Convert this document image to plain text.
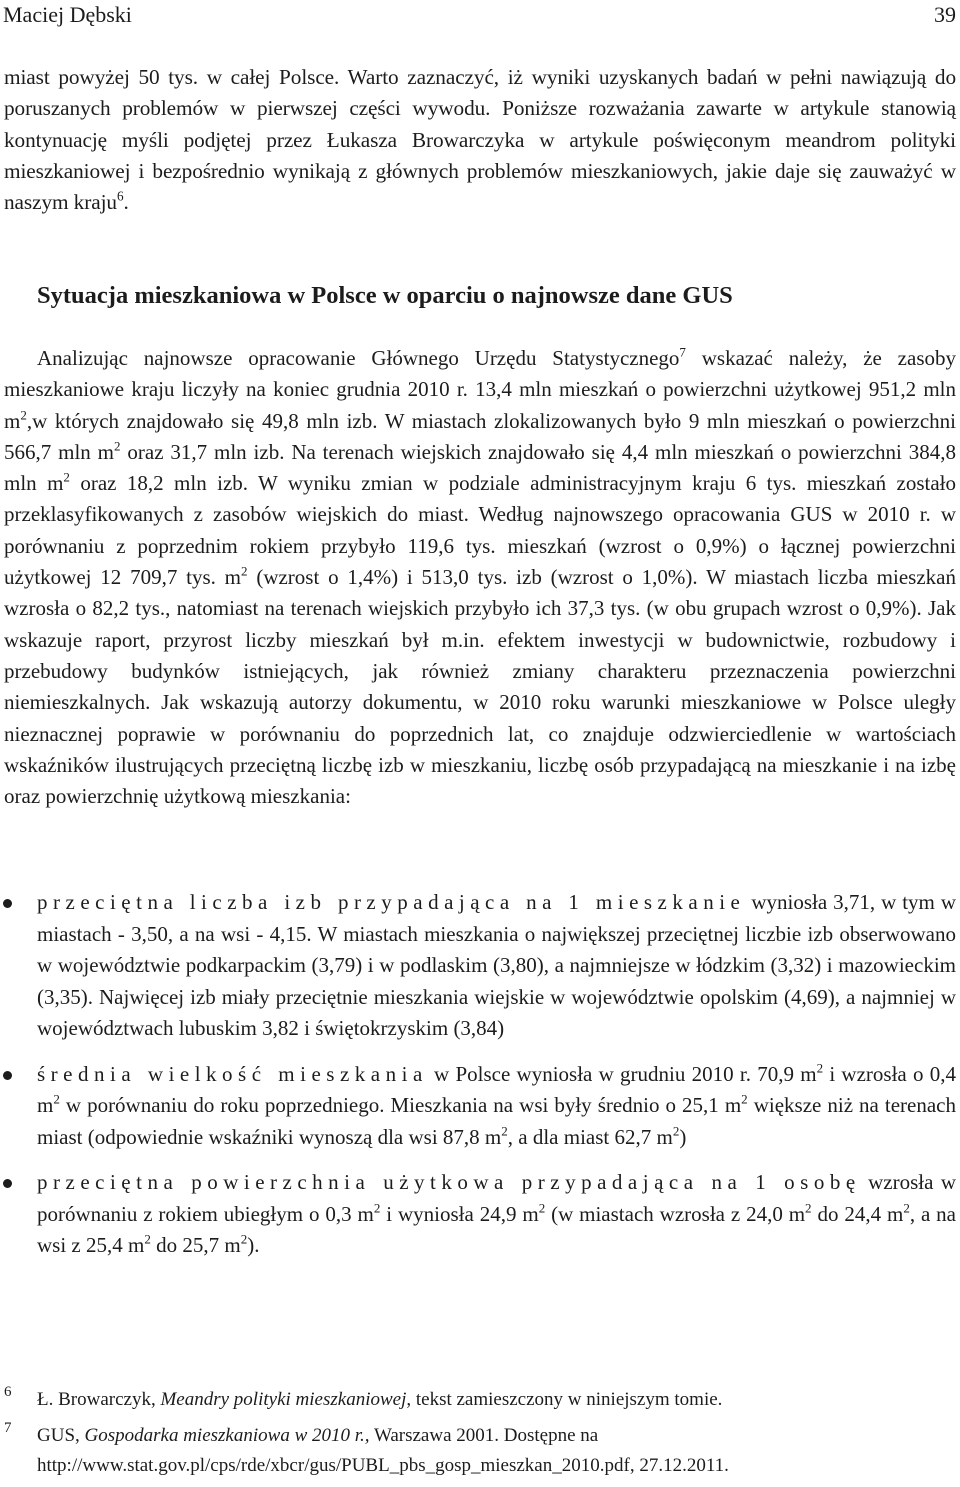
Maciej Dębski	39

miast powyżej 50 tys. w całej Polsce. Warto zaznaczyć, iż wyniki uzyskanych badań w pełni nawiązują do poruszanych problemów w pierwszej części wywodu. Poniższe rozważania zawarte w artykule stanowią kontynuację myśli podjętej przez Łukasza Browarczyka w artykule poświęconym meandrom polityki mieszkaniowej i bezpośrednio wynikają z głównych problemów mieszkaniowych, jakie daje się zauważyć w naszym kraju$^6$.

Sytuacja mieszkaniowa w Polsce w oparciu o najnowsze dane GUS

Analizując najnowsze opracowanie Głównego Urzędu Statystycznego$^7$ wskazać należy, że zasoby mieszkaniowe kraju liczyły na koniec grudnia 2010 r. 13,4 mln mieszkań o powierzchni użytkowej 951,2 mln $m^2,w$ których znajdowało się 49,8 mln izb. W miastach zlokalizowanych było 9 mln mieszkań o powierzchni 566,7 mln $m^2$ oraz 31,7 mln izb. Na terenach wiejskich znajdowało się 4,4 mln mieszkań o powierzchni 384,8 mln $m^2$ oraz 18,2 mln izb. W wyniku zmian w podziale administracyjnym kraju 6 tys. mieszkań zostało przeklasyfikowanych z zasobów wiejskich do miast. Według najnowszego opracowania GUS w 2010 r. w porównaniu z poprzednim rokiem przybyło 119,6 tys. mieszkań (wzrost o 0,9%) o łącznej powierzchni użytkowej 12 709,7 tys. $m^2$ (wzrost o 1,4%) i 513,0 tys. izb (wzrost o 1,0%). W miastach liczba mieszkań wzrosła o 82,2 tys., natomiast na terenach wiejskich przybyło ich 37,3 tys. (w obu grupach wzrost o 0,9%). Jak wskazuje raport, przyrost liczby mieszkań był m.in. efektem inwestycji w budownictwie, rozbudowy i przebudowy budynków istniejących, jak również zmiany charakteru przeznaczenia powierzchni niemieszkalnych. Jak wskazują autorzy dokumentu, w 2010 roku warunki mieszkaniowe w Polsce uległy nieznacznej poprawie w porównaniu do poprzednich lat, co znajduje odzwierciedlenie w wartościach wskaźników ilustrujących przeciętną liczbę izb w mieszkaniu, liczbę osób przypadającą na mieszkanie i na izbę oraz powierzchnię użytkową mieszkania:

przeciętna liczba izb przypadająca na 1 mieszkanie wyniosła 3,71, w tym w miastach - 3,50, a na wsi - 4,15. W miastach mieszkania o największej przeciętnej liczbie izb obserwowano w województwie podkarpackim (3,79) i w podlaskim (3,80), a najmniejsze w łódzkim (3,32) i mazowieckim (3,35). Najwięcej izb miały przeciętnie mieszkania wiejskie w województwie opolskim (4,69), a najmniej w województwach lubuskim 3,82 i świętokrzyskim (3,84)
średnia wielkość mieszkania w Polsce wyniosła w grudniu 2010 r. 70,9 $m^2$ i wzrosła o 0,4 $m^2$ w porównaniu do roku poprzedniego. Mieszkania na wsi były średnio o 25,1 $m^2$ większe niż na terenach miast (odpowiednie wskaźniki wynoszą dla wsi 87,8 $m^2$, a dla miast 62,7 $m^2$)
przeciętna powierzchnia użytkowa przypadająca na 1 osobę wzrosła w porównaniu z rokiem ubiegłym o 0,3 $m^2$ i wyniosła 24,9 $m^2$ (w miastach wzrosła z 24,0 $m^2$ do 24,4 $m^2$, a na wsi z 25,4 $m^2$ do 25,7 $m^2$).

6 Ł. Browarczyk, Meandry polityki mieszkaniowej, tekst zamieszczony w niniejszym tomie.

7 GUS, Gospodarka mieszkaniowa w 2010 r., Warszawa 2001. Dostępne na http://www.stat.gov.pl/cps/rde/xbcr/gus/PUBL_pbs_gosp_mieszkan_2010.pdf, 27.12.2011.
